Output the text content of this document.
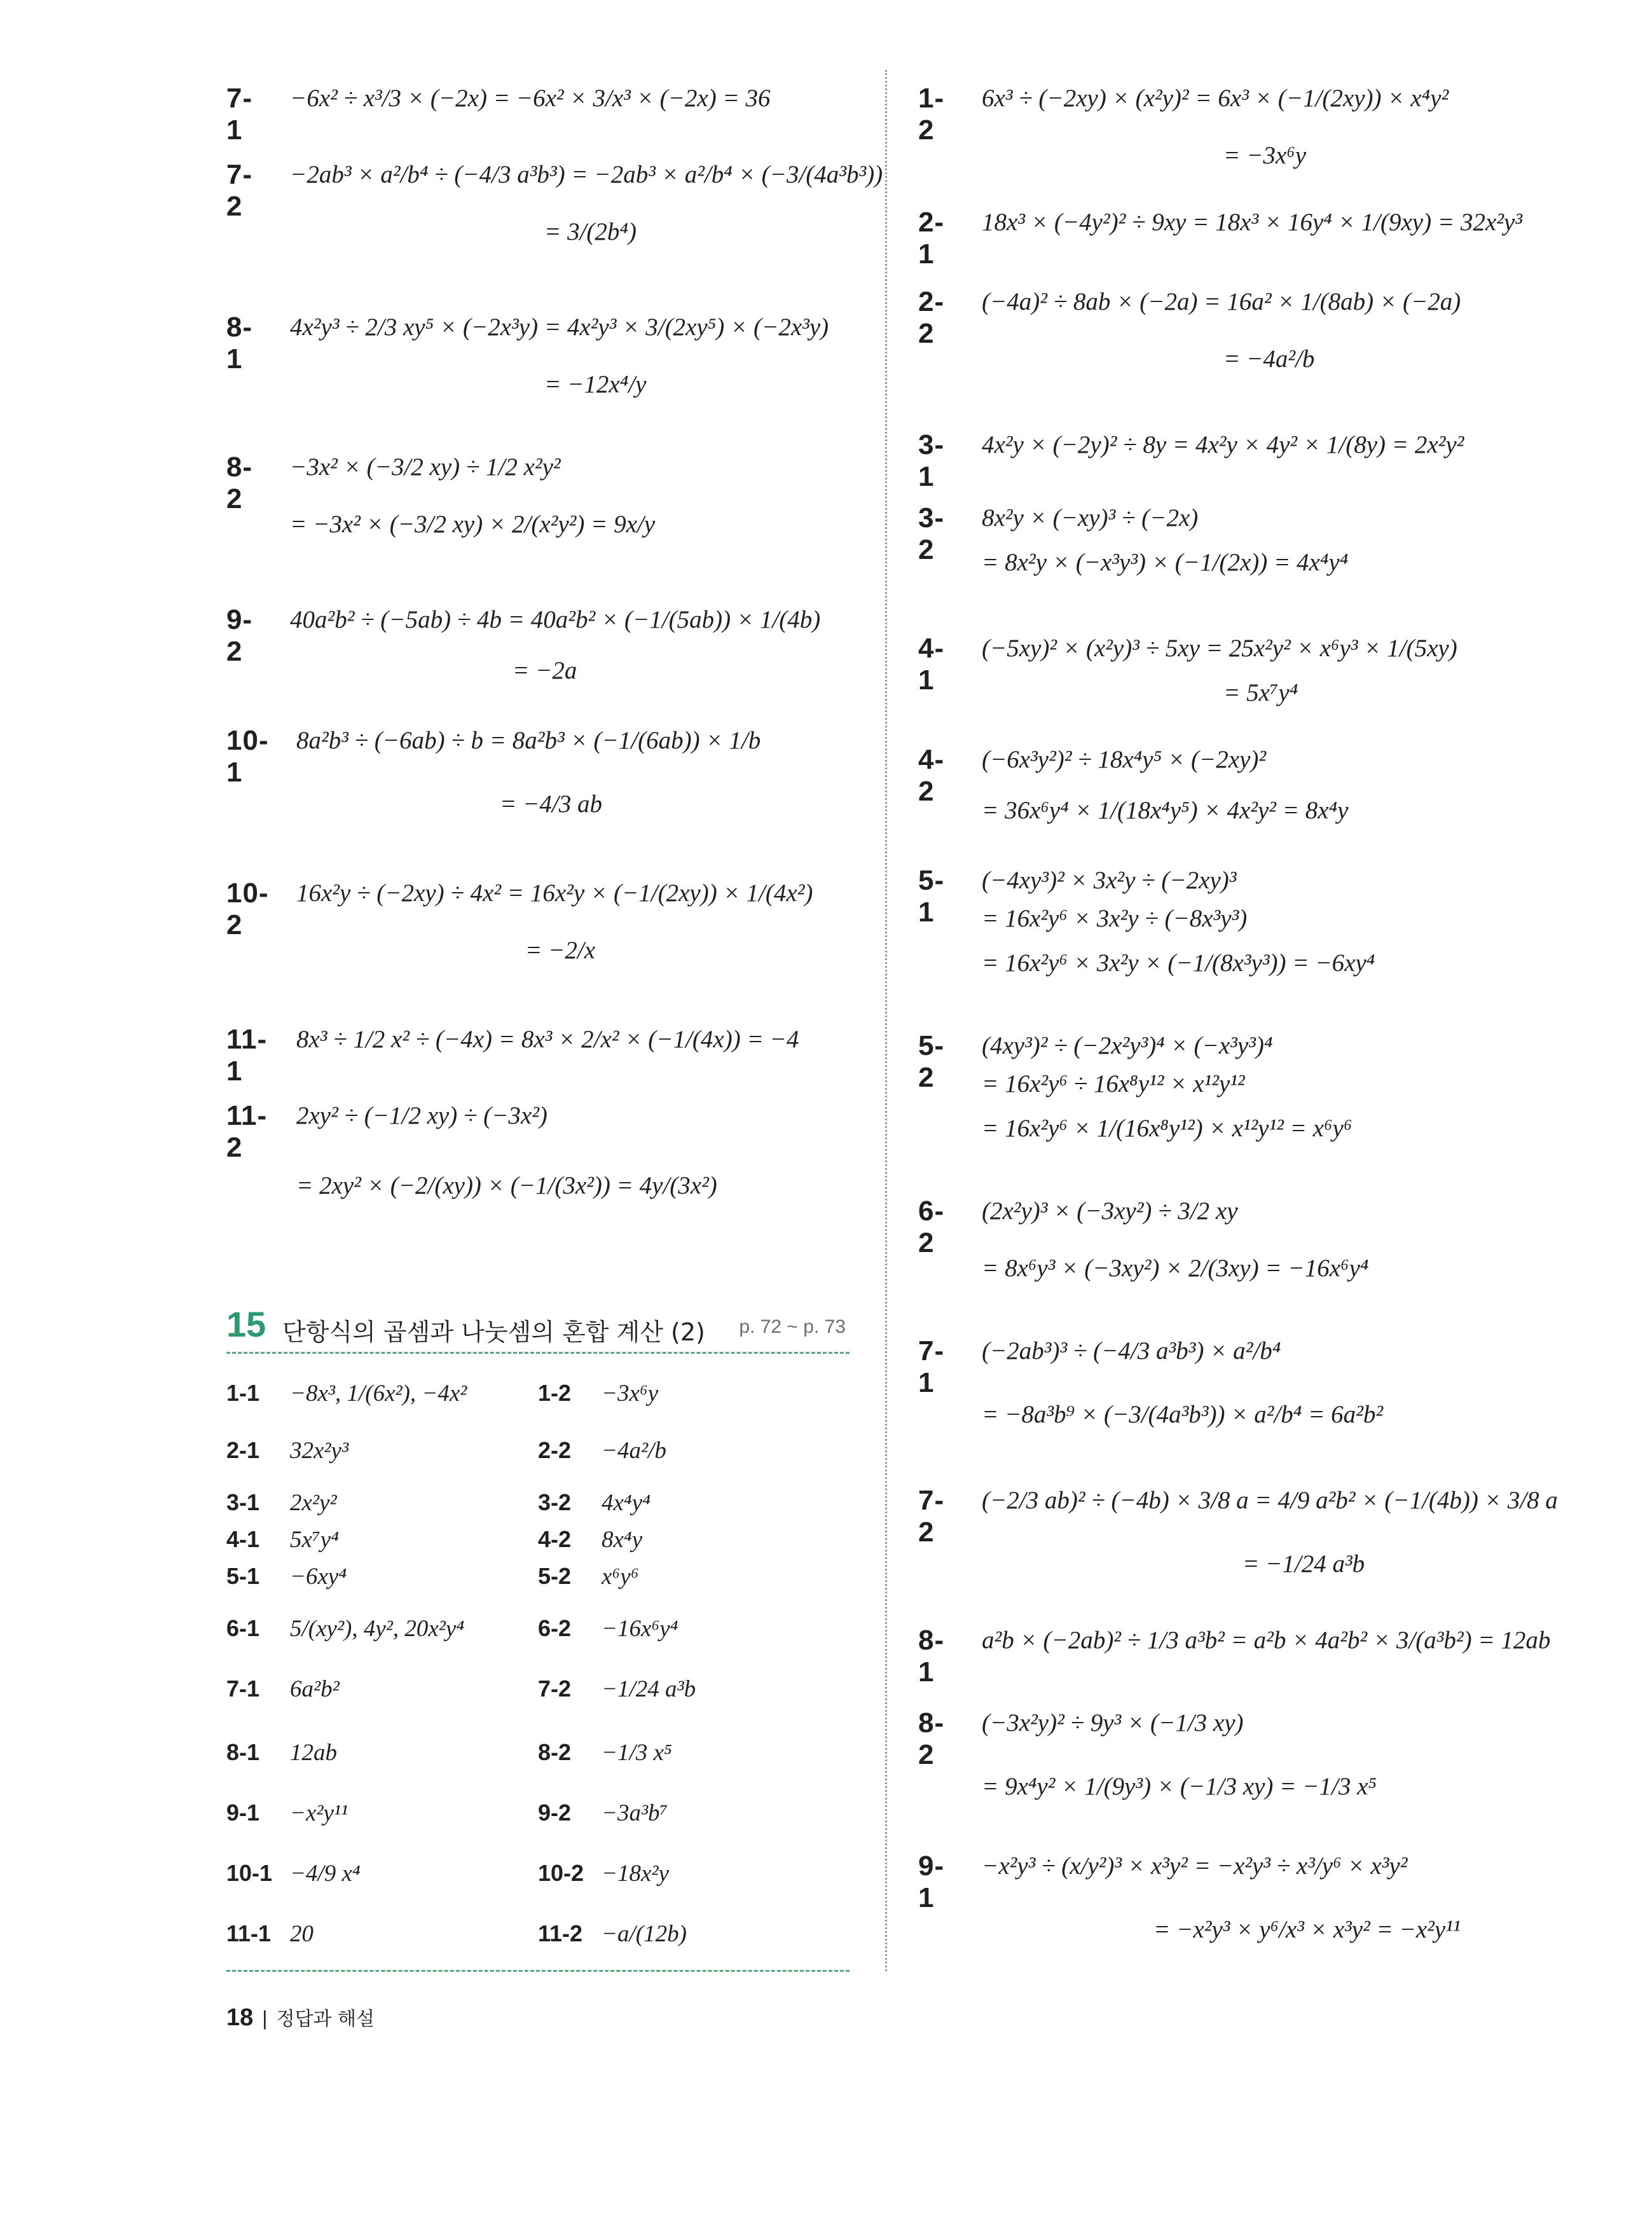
7-1
−6x² ÷ x³/3 × (−2x) = −6x² × 3/x³ × (−2x) = 36
7-2
−2ab³ × a²/b⁴ ÷ (−4/3 a³b³) = −2ab³ × a²/b⁴ × (−3/(4a³b³))
= 3/(2b⁴)
8-1
4x²y³ ÷ 2/3 xy⁵ × (−2x³y) = 4x²y³ × 3/(2xy⁵) × (−2x³y)
= −12x⁴/y
8-2
−3x² × (−3/2 xy) ÷ 1/2 x²y²
= −3x² × (−3/2 xy) × 2/(x²y²) = 9x/y
9-2
40a²b² ÷ (−5ab) ÷ 4b = 40a²b² × (−1/(5ab)) × 1/(4b)
= −2a
10-1
8a²b³ ÷ (−6ab) ÷ b = 8a²b³ × (−1/(6ab)) × 1/b
= −4/3 ab
10-2
16x²y ÷ (−2xy) ÷ 4x² = 16x²y × (−1/(2xy)) × 1/(4x²)
= −2/x
11-1
8x³ ÷ 1/2 x² ÷ (−4x) = 8x³ × 2/x² × (−1/(4x)) = −4
11-2
2xy² ÷ (−1/2 xy) ÷ (−3x²)
= 2xy² × (−2/(xy)) × (−1/(3x²)) = 4y/(3x²)
15 단항식의 곱셈과 나눗셈의 혼합 계산 (2) p. 72 ~ p. 73
1-1 −8x³, 1/(6x²), −4x²	1-2 −3x⁶y
2-1 32x²y³	2-2 −4a²/b
3-1 2x²y²	3-2 4x⁴y⁴
4-1 5x⁷y⁴	4-2 8x⁴y
5-1 −6xy⁴	5-2 x⁶y⁶
6-1 5/(xy²), 4y², 20x²y⁴	6-2 −16x⁶y⁴
7-1 6a²b²	7-2 −1/24 a³b
8-1 12ab	8-2 −1/3 x⁵
9-1 −x²y¹¹	9-2 −3a³b⁷
10-1 −4/9 x⁴	10-2 −18x²y
11-1 20	11-2 −a/(12b)
1-2
6x³ ÷ (−2xy) × (x²y)² = 6x³ × (−1/(2xy)) × x⁴y²
= −3x⁶y
2-1
18x³ × (−4y²)² ÷ 9xy = 18x³ × 16y⁴ × 1/(9xy) = 32x²y³
2-2
(−4a)² ÷ 8ab × (−2a) = 16a² × 1/(8ab) × (−2a)
= −4a²/b
3-1
4x²y × (−2y)² ÷ 8y = 4x²y × 4y² × 1/(8y) = 2x²y²
3-2
8x²y × (−xy)³ ÷ (−2x)
= 8x²y × (−x³y³) × (−1/(2x)) = 4x⁴y⁴
4-1
(−5xy)² × (x²y)³ ÷ 5xy = 25x²y² × x⁶y³ × 1/(5xy)
= 5x⁷y⁴
4-2
(−6x³y²)² ÷ 18x⁴y⁵ × (−2xy)²
= 36x⁶y⁴ × 1/(18x⁴y⁵) × 4x²y² = 8x⁴y
5-1
(−4xy³)² × 3x²y ÷ (−2xy)³
= 16x²y⁶ × 3x²y ÷ (−8x³y³)
= 16x²y⁶ × 3x²y × (−1/(8x³y³)) = −6xy⁴
5-2
(4xy³)² ÷ (−2x²y³)⁴ × (−x³y³)⁴
= 16x²y⁶ ÷ 16x⁸y¹² × x¹²y¹²
= 16x²y⁶ × 1/(16x⁸y¹²) × x¹²y¹² = x⁶y⁶
6-2
(2x²y)³ × (−3xy²) ÷ 3/2 xy
= 8x⁶y³ × (−3xy²) × 2/(3xy) = −16x⁶y⁴
7-1
(−2ab³)³ ÷ (−4/3 a³b³) × a²/b⁴
= −8a³b⁹ × (−3/(4a³b³)) × a²/b⁴ = 6a²b²
7-2
(−2/3 ab)² ÷ (−4b) × 3/8 a = 4/9 a²b² × (−1/(4b)) × 3/8 a
= −1/24 a³b
8-1
a²b × (−2ab)² ÷ 1/3 a³b² = a²b × 4a²b² × 3/(a³b²) = 12ab
8-2
(−3x²y)² ÷ 9y³ × (−1/3 xy)
= 9x⁴y² × 1/(9y³) × (−1/3 xy) = −1/3 x⁵
9-1
−x²y³ ÷ (x/y²)³ × x³y² = −x²y³ ÷ x³/y⁶ × x³y²
= −x²y³ × y⁶/x³ × x³y² = −x²y¹¹
18 | 정답과 해설
